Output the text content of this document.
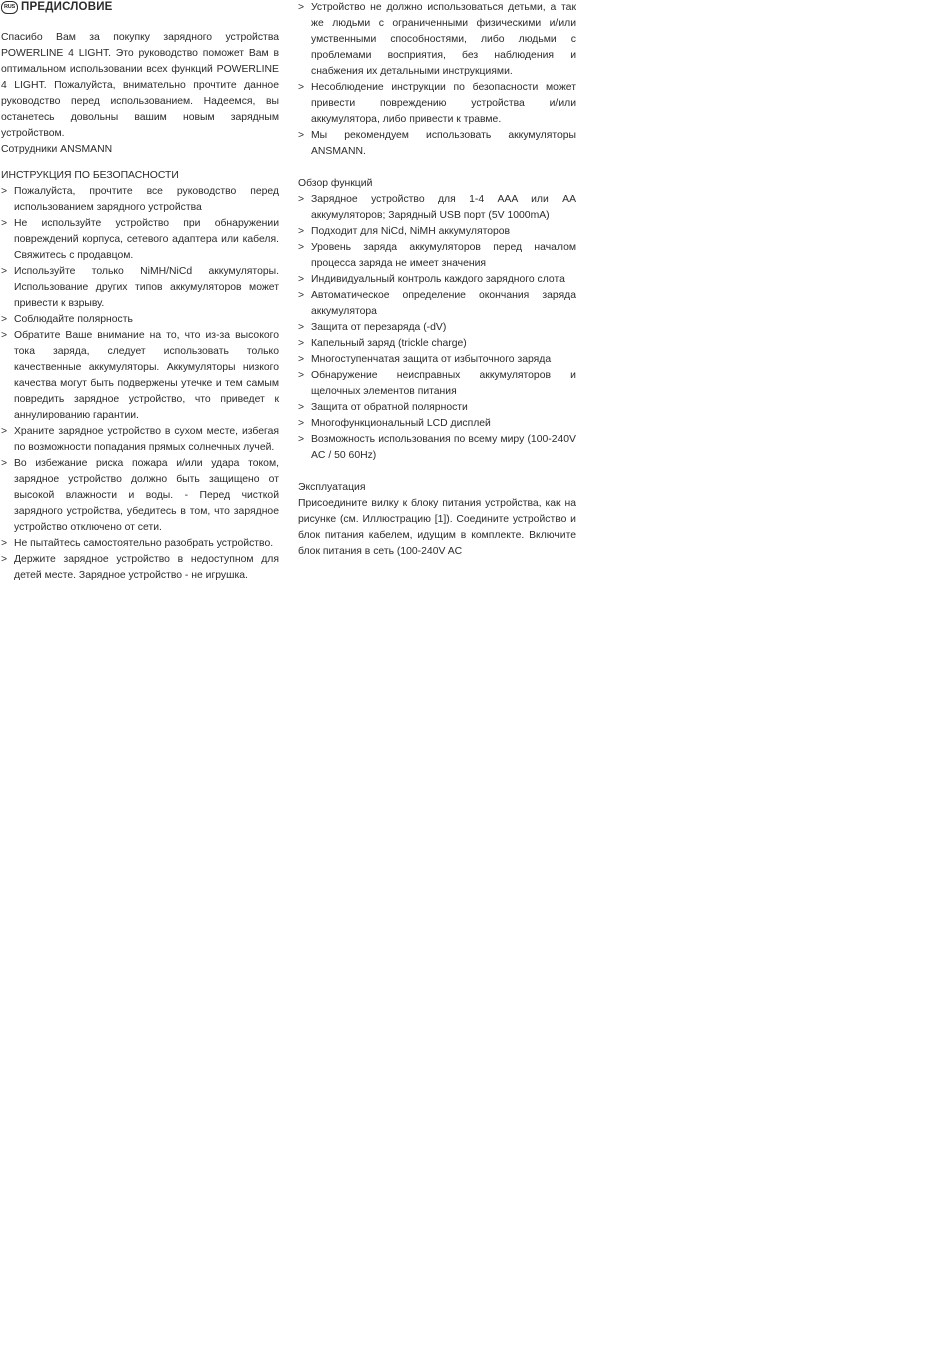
RUS ПРЕДИСЛОВИЕ

Спасибо Вам за покупку зарядного устройства POWERLINE 4 LIGHT. Это руководство поможет Вам в оптимальном использовании всех функций POWERLINE 4 LIGHT. Пожалуйста, внимательно прочтите данное руководство перед использованием. Надеемся, вы останетесь довольны вашим новым зарядным устройством.

Сотрудники ANSMANN

ИНСТРУКЦИЯ ПО БЕЗОПАСНОСТИ

> Пожалуйста, прочтите все руководство перед использованием зарядного устройства
> Не используйте устройство при обнаружении повреждений корпуса, сетевого адаптера или кабеля. Свяжитесь с продавцом.
> Используйте только NiMH/NiCd аккумуляторы. Использование других типов аккумуляторов может привести к взрыву.
> Соблюдайте полярность
> Обратите Ваше внимание на то, что из-за высокого тока заряда, следует использовать только качественные аккумуляторы. Аккумуляторы низкого качества могут быть подвержены утечке и тем самым повредить зарядное устройство, что приведет к аннулированию гарантии.
> Храните зарядное устройство в сухом месте, избегая по возможности попадания прямых солнечных лучей.
> Во избежание риска пожара и/или удара током, зарядное устройство должно быть защищено от высокой влажности и воды. - Перед чисткой зарядного устройства, убедитесь в том, что зарядное устройство отключено от сети.
> Не пытайтесь самостоятельно разобрать устройство.
> Держите зарядное устройство в недоступном для детей месте. Зарядное устройство - не игрушка.
> Устройство не должно использоваться детьми, а так же людьми с ограниченными физическими и/или умственными способностями, либо людьми с проблемами восприятия, без наблюдения и снабжения их детальными инструкциями.
> Несоблюдение инструкции по безопасности может привести повреждению устройства и/или аккумулятора, либо привести к травме.
> Мы рекомендуем использовать аккумуляторы ANSMANN.

Обзор функций

> Зарядное устройство для 1-4 AAA или AA аккумуляторов; Зарядный USB порт (5V 1000mA)
> Подходит для NiCd, NiMH аккумуляторов
> Уровень заряда аккумуляторов перед началом процесса заряда не имеет значения
> Индивидуальный контроль каждого зарядного слота
> Автоматическое определение окончания заряда аккумулятора
> Защита от перезаряда (-dV)
> Капельный заряд (trickle charge)
> Многоступенчатая защита от избыточного заряда
> Обнаружение неисправных аккумуляторов и щелочных элементов питания
> Защита от обратной полярности
> Многофункциональный LCD дисплей
> Возможность использования по всему миру (100-240V AC / 50 60Hz)

Эксплуатация

Присоедините вилку к блоку питания устройства, как на рисунке (см. Иллюстрацию [1]). Соедините устройство и блок питания кабелем, идущим в комплекте. Включите блок питания в сеть (100-240V AC
